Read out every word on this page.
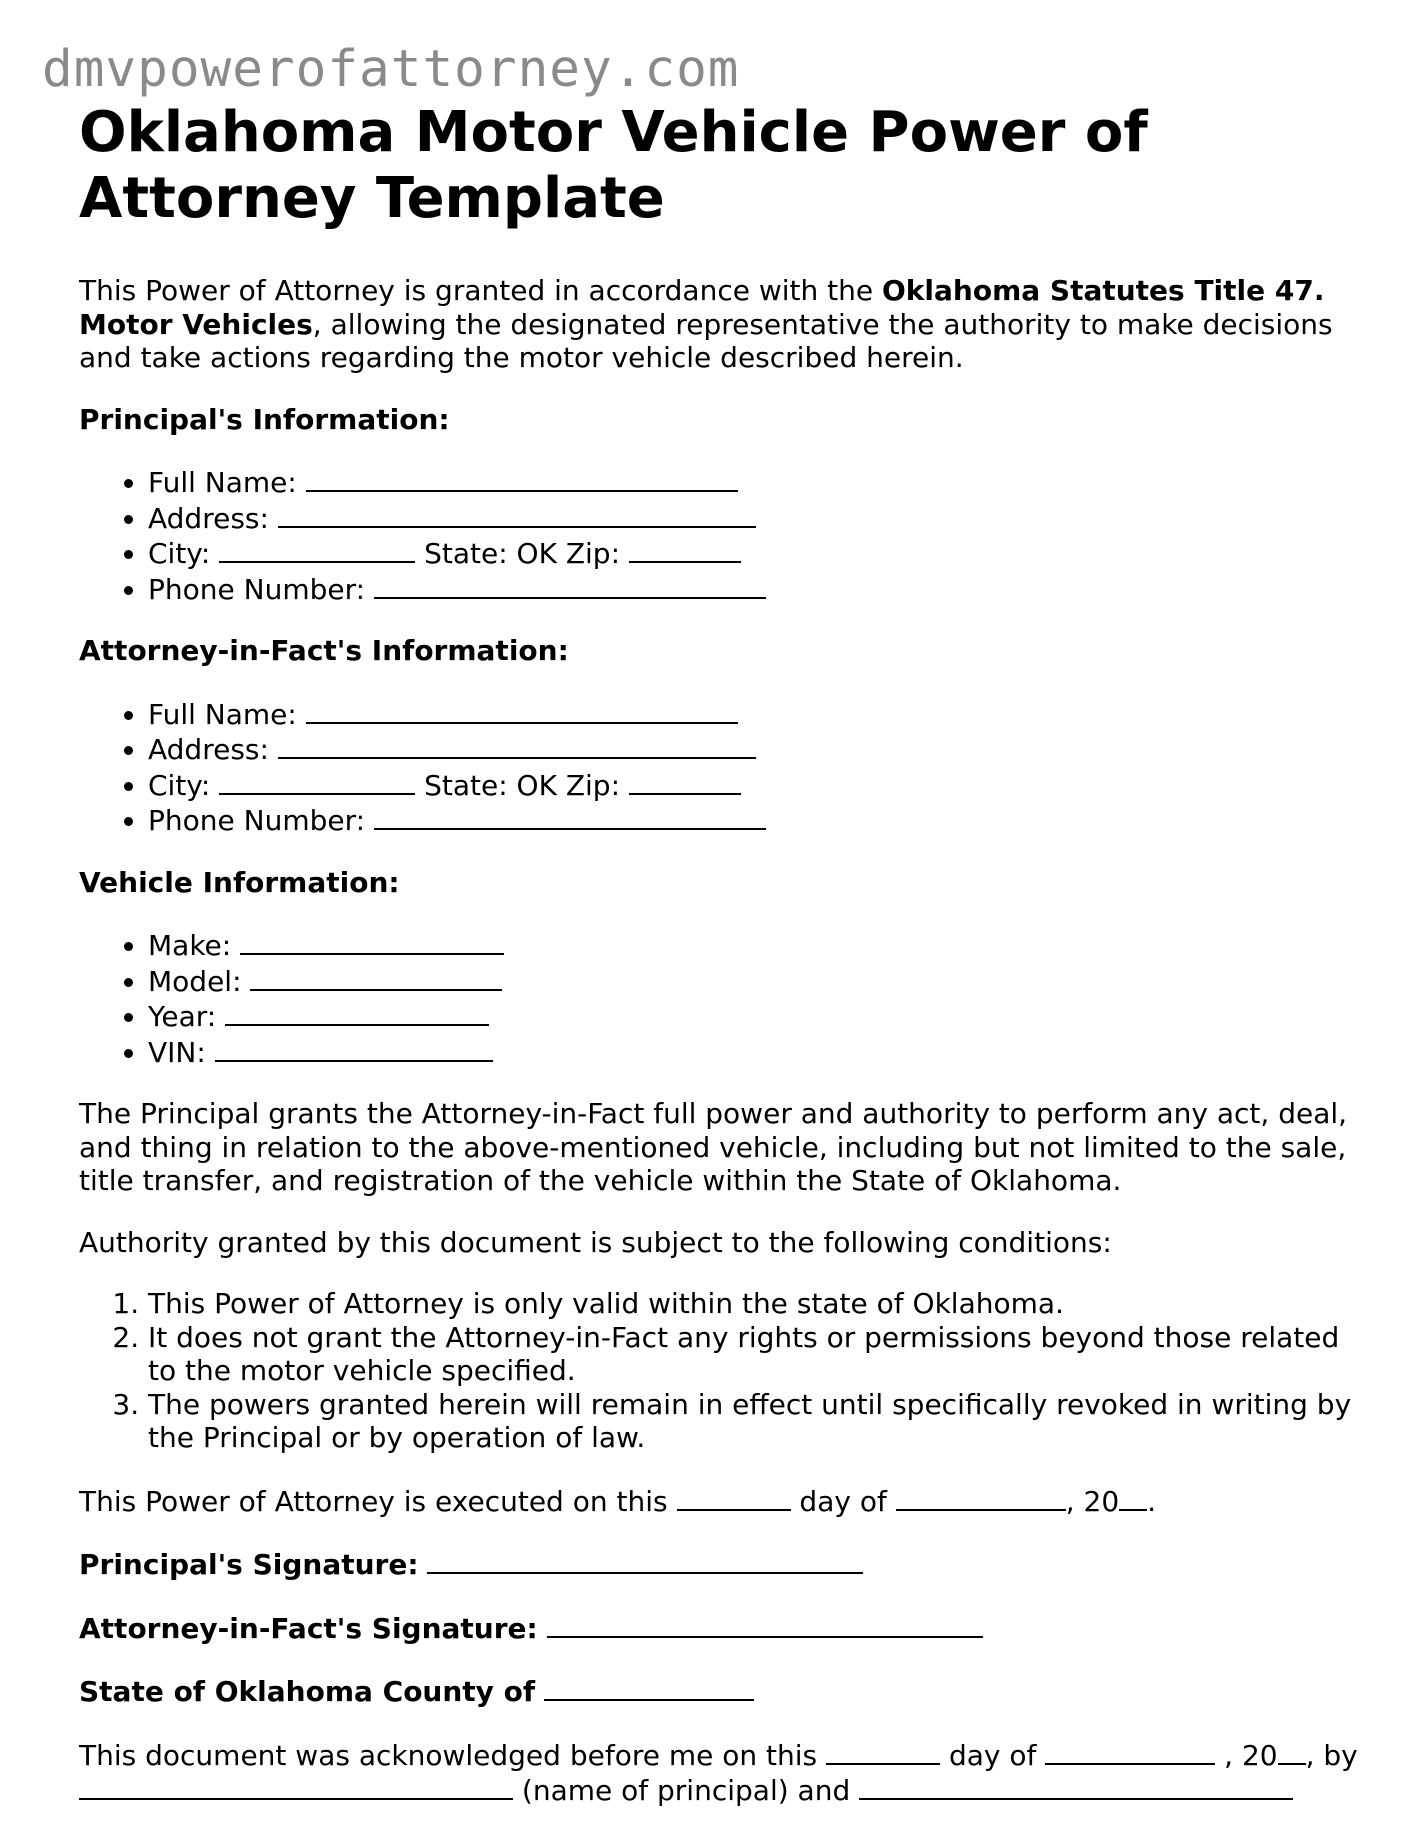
dmvpowerofattorney.com
Oklahoma Motor Vehicle Power of Attorney Template

This Power of Attorney is granted in accordance with the Oklahoma Statutes Title 47. Motor Vehicles, allowing the designated representative the authority to make decisions and take actions regarding the motor vehicle described herein.

Principal's Information:
• Full Name:
• Address:
• City:	State: OK Zip:
• Phone Number:
Attorney-in-Fact's Information:
• Full Name:
• Address:
• City:	State: OK Zip:
• Phone Number:
Vehicle Information:
• Make:
• Model:
• Year:
• VIN:

The Principal grants the Attorney-in-Fact full power and authority to perform any act, deal, and thing in relation to the above-mentioned vehicle, including but not limited to the sale, title transfer, and registration of the vehicle within the State of Oklahoma.

Authority granted by this document is subject to the following conditions:

1. This Power of Attorney is only valid within the state of Oklahoma.
2. It does not grant the Attorney-in-Fact any rights or permissions beyond those related to the motor vehicle specified.
3. The powers granted herein will remain in effect until specifically revoked in writing by the Principal or by operation of law.

This Power of Attorney is executed on this	day of	, 20 .

Principal's Signature:

Attorney-in-Fact's Signature:

State of Oklahoma County of

This document was acknowledged before me on this	day of	, 20 , by  (name of principal) and
